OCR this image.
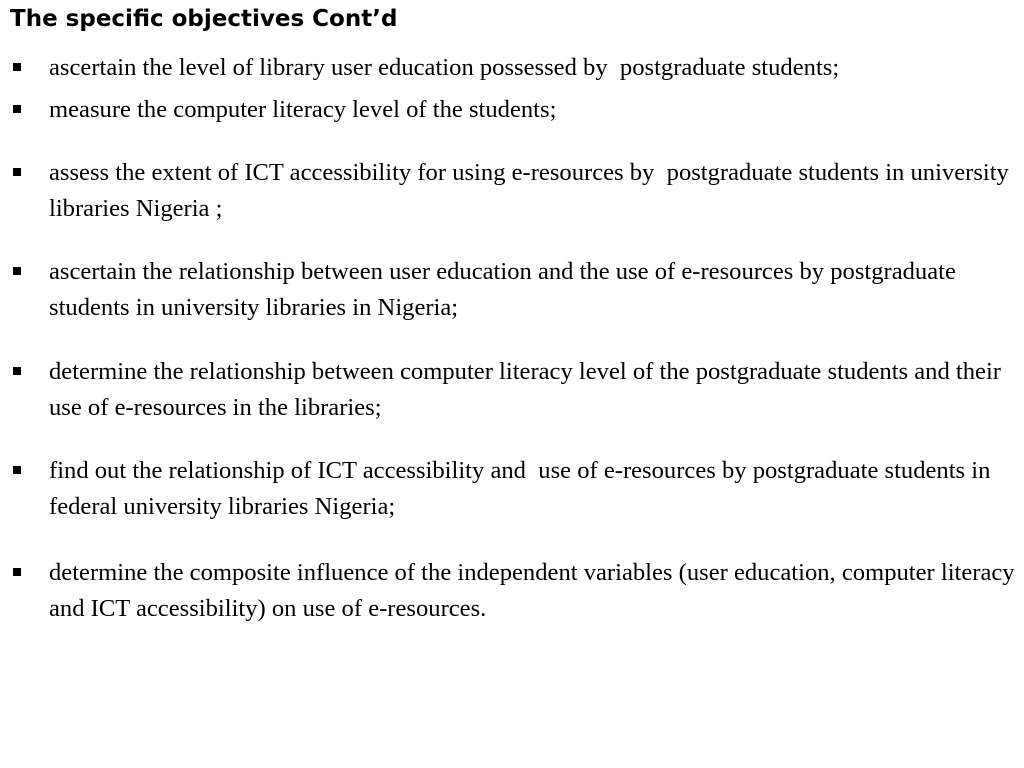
The specific objectives Cont’d
ascertain the level of library user education possessed by  postgraduate students;
measure the computer literacy level of the students;
assess the extent of ICT accessibility for using e-resources by  postgraduate students in university libraries Nigeria ;
ascertain the relationship between user education and the use of e-resources by postgraduate students in university libraries in Nigeria;
determine the relationship between computer literacy level of the postgraduate students and their use of e-resources in the libraries;
find out the relationship of ICT accessibility and  use of e-resources by postgraduate students in federal university libraries Nigeria;
determine the composite influence of the independent variables (user education, computer literacy and ICT accessibility) on use of e-resources.
